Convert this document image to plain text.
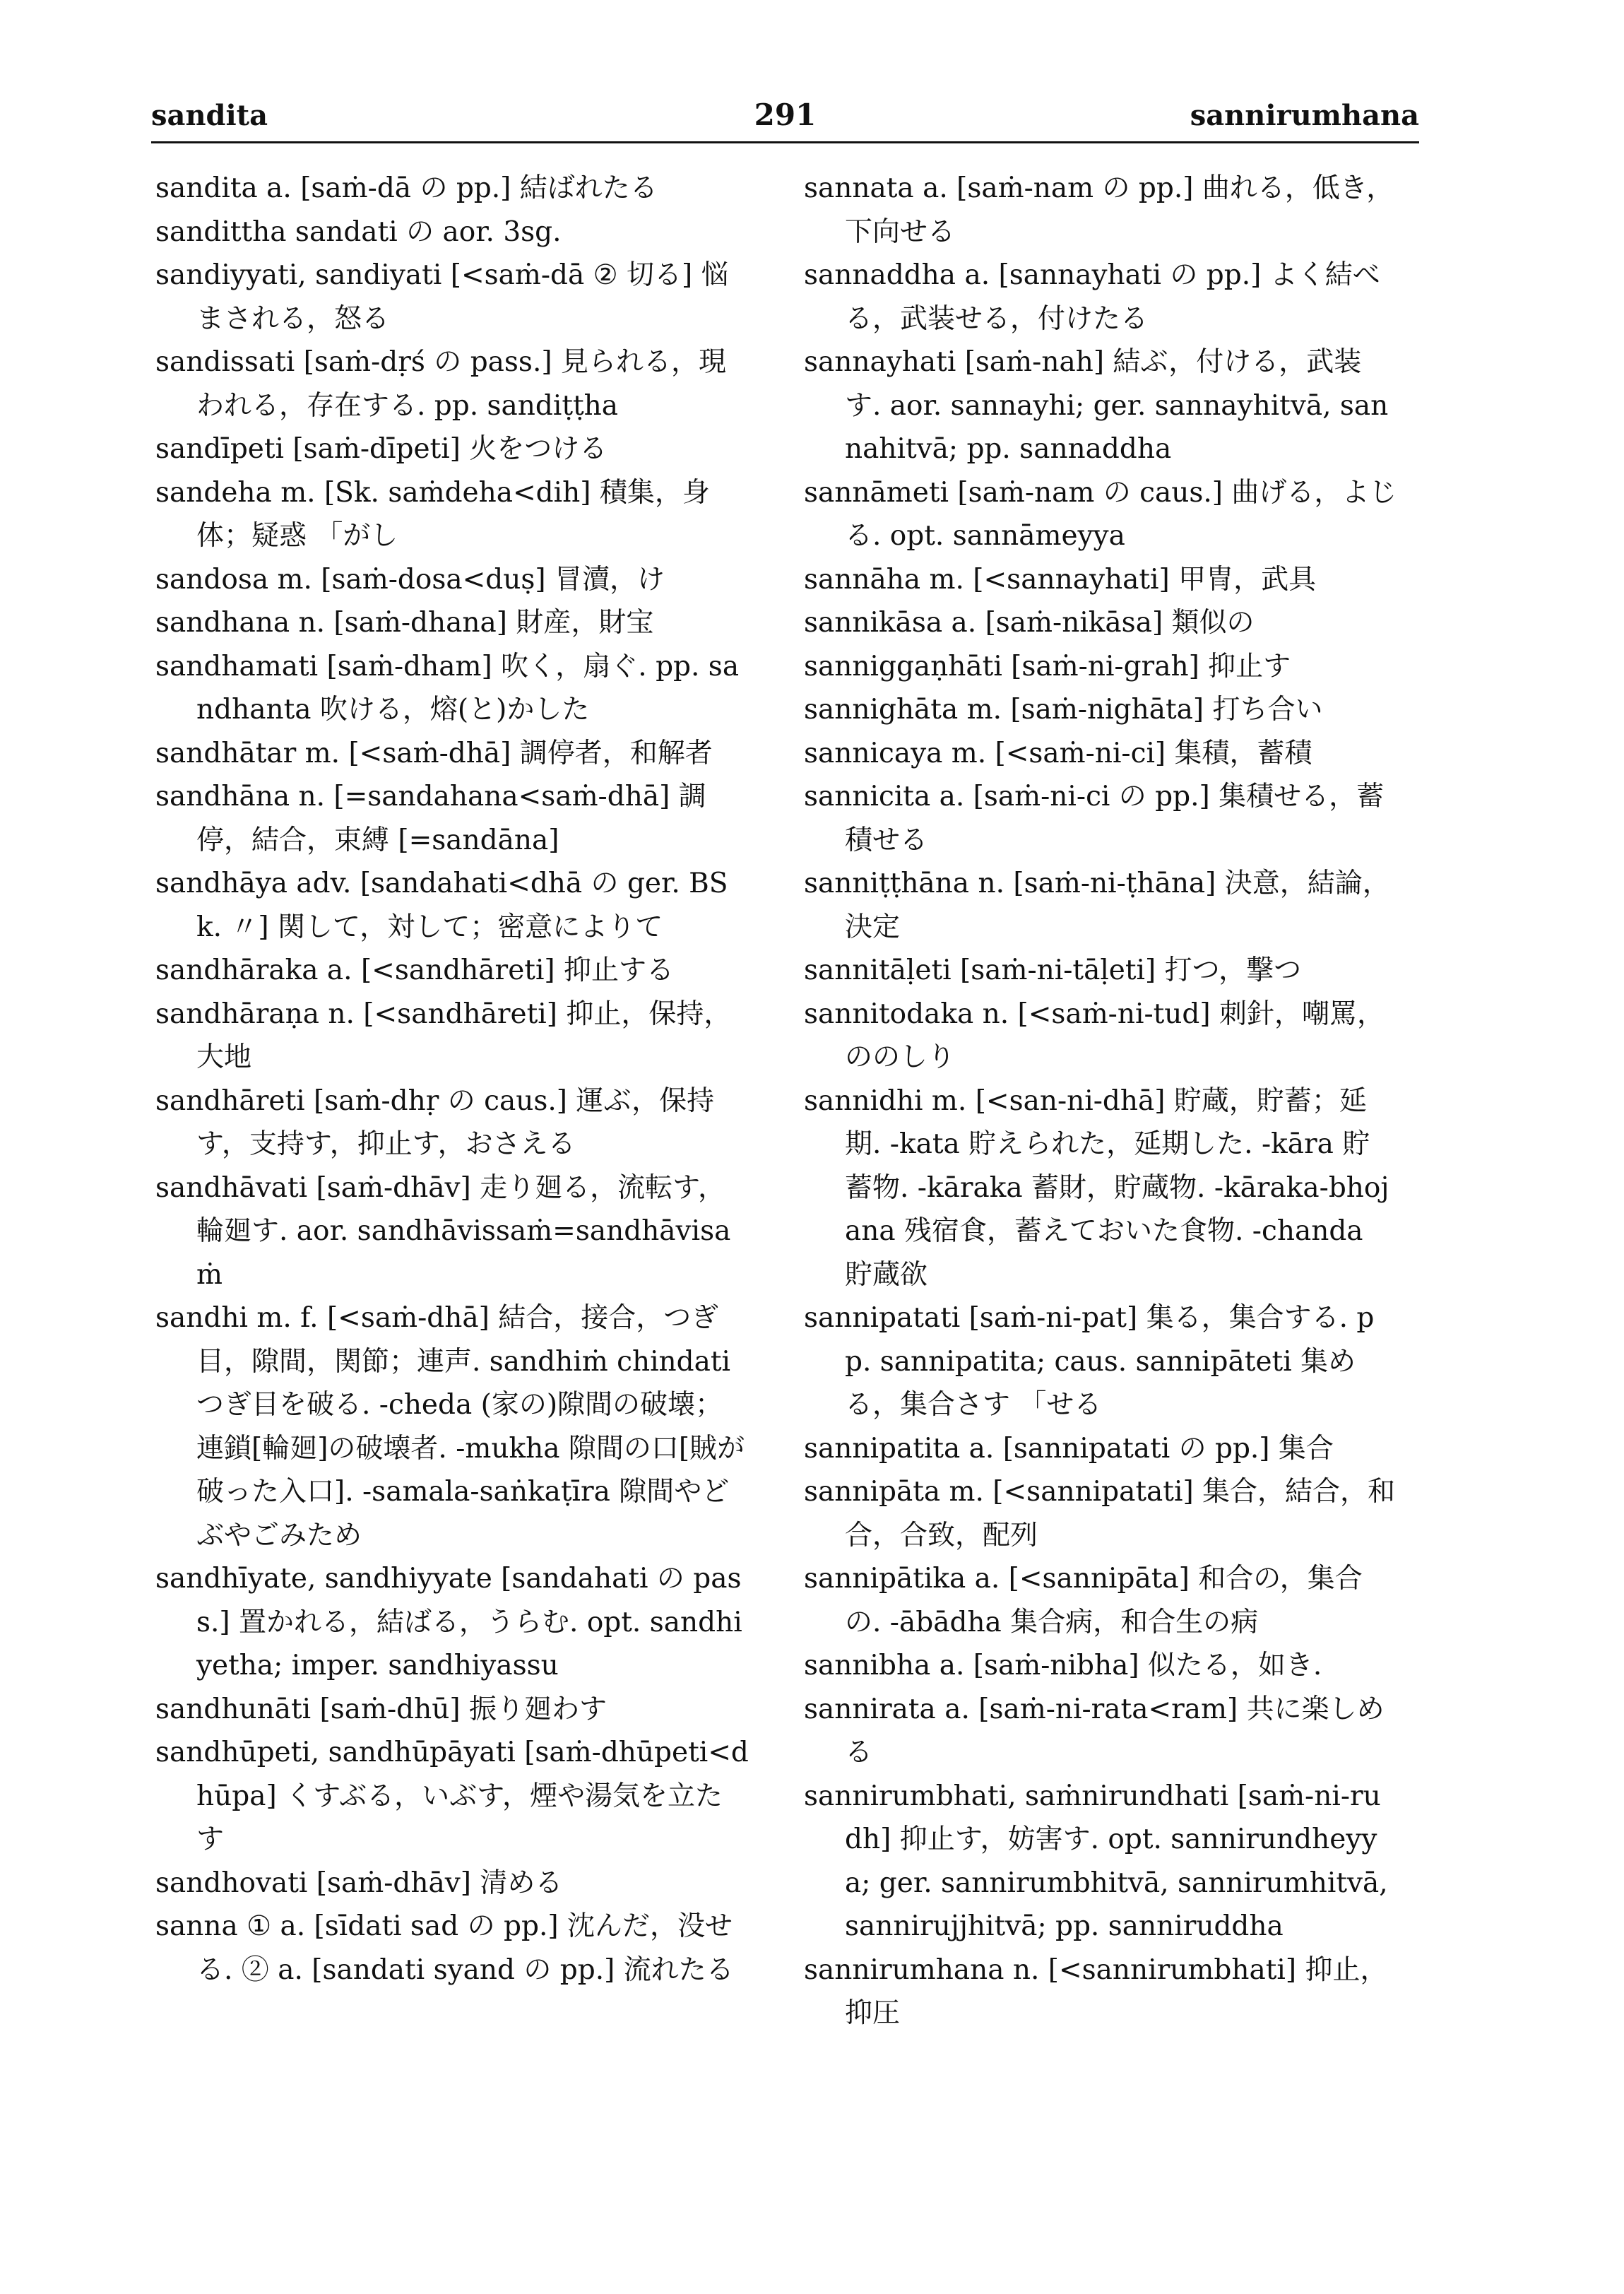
sandita	291	sannirumhana

sandita a. [saṁ-dā の pp.] 結ばれたる

sandittha sandati の aor. 3sg.

sandiyyati, sandiyati [<saṁ-dā ② 切る] 悩まされる，怒る

sandissati [saṁ-dṛś の pass.] 見られる，現われる，存在する. pp. sandiṭṭha

sandīpeti [saṁ-dīpeti] 火をつける

sandeha m. [Sk. saṁdeha<dih] 積集，身体；疑惑 「がし

sandosa m. [saṁ-dosa<duṣ] 冒瀆，け

sandhana n. [saṁ-dhana] 財産，財宝

sandhamati [saṁ-dham] 吹く，扇ぐ. pp. sandhanta 吹ける，熔(と)かした

sandhātar m. [<saṁ-dhā] 調停者，和解者

sandhāna n. [=sandahana<saṁ-dhā] 調停，結合，束縛 [=sandāna]

sandhāya adv. [sandahati<dhā の ger. BSk. 〃] 関して，対して；密意によりて

sandhāraka a. [<sandhāreti] 抑止する

sandhāraṇa n. [<sandhāreti] 抑止，保持，大地

sandhāreti [saṁ-dhṛ の caus.] 運ぶ，保持す，支持す，抑止す，おさえる

sandhāvati [saṁ-dhāv] 走り廻る，流転す，輪廻す. aor. sandhāvissaṁ=sandhāvisaṁ

sandhi m. f. [<saṁ-dhā] 結合，接合，つぎ目，隙間，関節；連声. sandhiṁ chindati つぎ目を破る. -cheda (家の)隙間の破壊；連鎖[輪廻]の破壊者. -mukha 隙間の口[賊が破った入口]. -samala-saṅkaṭīra 隙間やどぶやごみため

sandhīyate, sandhiyyate [sandahati の pass.] 置かれる，結ばる，うらむ. opt. sandhiyetha; imper. sandhiyassu

sandhunāti [saṁ-dhū] 振り廻わす

sandhūpeti, sandhūpāyati [saṁ-dhūpeti<dhūpa] くすぶる，いぶす，煙や湯気を立たす

sandhovati [saṁ-dhāv] 清める

sanna ① a. [sīdati sad の pp.] 沈んだ，没せる. ② a. [sandati syand の pp.] 流れたる

sannata a. [saṁ-nam の pp.] 曲れる，低き，下向せる

sannaddha a. [sannayhati の pp.] よく結べる，武装せる，付けたる

sannayhati [saṁ-nah] 結ぶ，付ける，武装す. aor. sannayhi; ger. sannayhitvā, sannahitvā; pp. sannaddha

sannāmeti [saṁ-nam の caus.] 曲げる，よじる. opt. sannāmeyya

sannāha m. [<sannayhati] 甲冑，武具

sannikāsa a. [saṁ-nikāsa] 類似の

sanniggaṇhāti [saṁ-ni-grah] 抑止す

sannighāta m. [saṁ-nighāta] 打ち合い

sannicaya m. [<saṁ-ni-ci] 集積，蓄積

sannicita a. [saṁ-ni-ci の pp.] 集積せる，蓄積せる

sanniṭṭhāna n. [saṁ-ni-ṭhāna] 決意，結論，決定

sannitāḷeti [saṁ-ni-tāḷeti] 打つ，撃つ

sannitodaka n. [<saṁ-ni-tud] 刺針，嘲罵，ののしり

sannidhi m. [<san-ni-dhā] 貯蔵，貯蓄；延期. -kata 貯えられた，延期した. -kāra 貯蓄物. -kāraka 蓄財，貯蔵物. -kāraka-bhojana 残宿食，蓄えておいた食物. -chanda 貯蔵欲

sannipatati [saṁ-ni-pat] 集る，集合する. pp. sannipatita; caus. sannipāteti 集める，集合さす 「せる

sannipatita a. [sannipatati の pp.] 集合

sannipāta m. [<sannipatati] 集合，結合，和合，合致，配列

sannipātika a. [<sannipāta] 和合の，集合の. -ābādha 集合病，和合生の病

sannibha a. [saṁ-nibha] 似たる，如き.

sannirata a. [saṁ-ni-rata<ram] 共に楽しめる

sannirumbhati, saṁnirundhati [saṁ-ni-rudh] 抑止す，妨害す. opt. sannirundheyya; ger. sannirumbhitvā, sannirumhitvā, sannirujjhitvā; pp. sanniruddha

sannirumhana n. [<sannirumbhati] 抑止，抑圧
